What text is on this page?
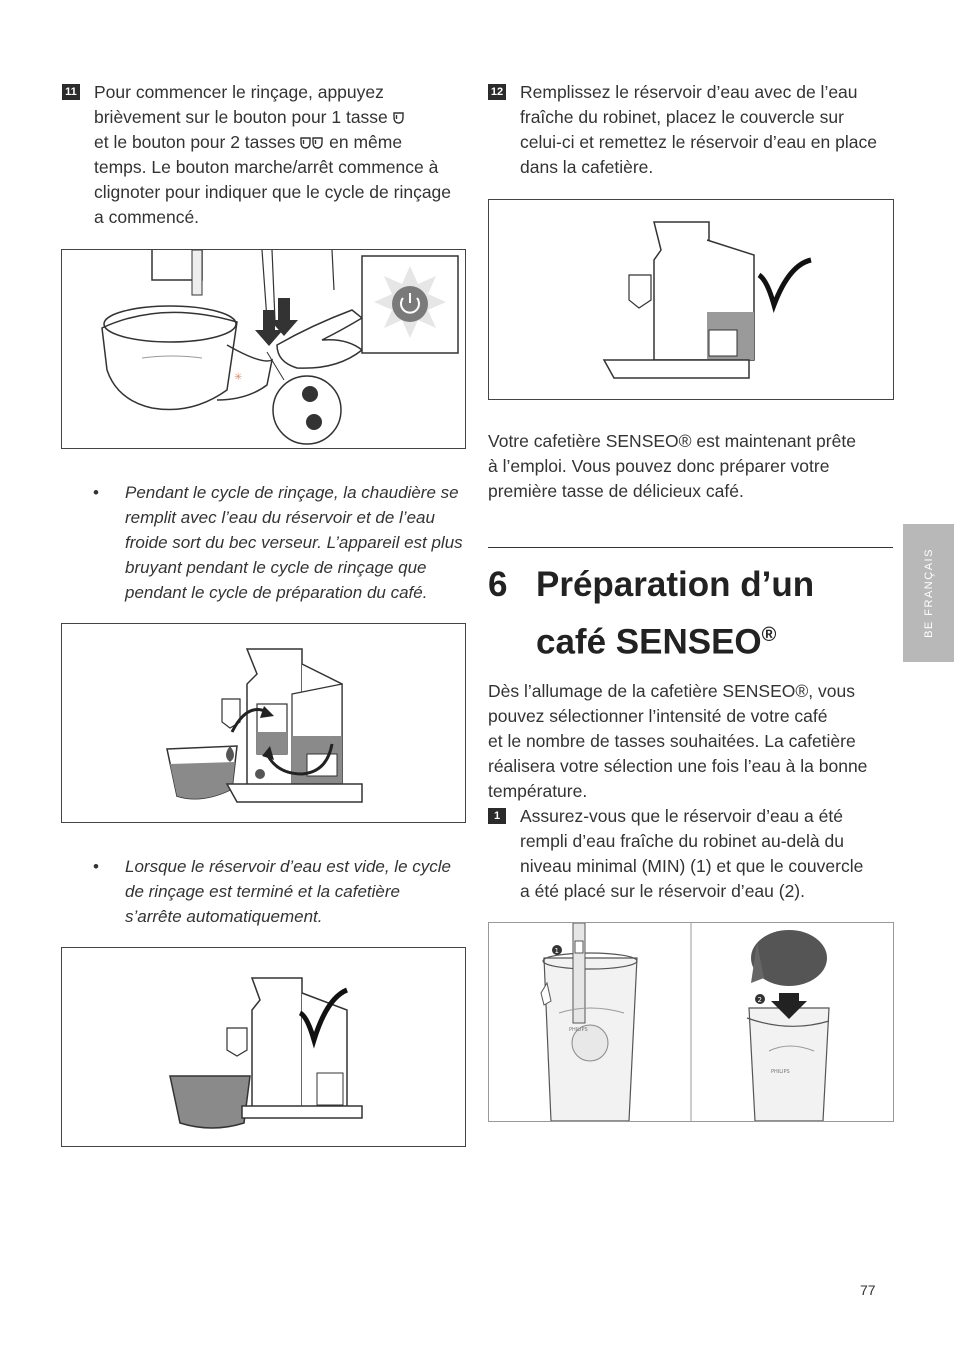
11 Pour commencer le rinçage, appuyez

brièvement sur le bouton pour 1 tasse

et le bouton pour 2 tasses en même

temps. Le bouton marche/arrêt commence à

clignoter pour indiquer que le cycle de rinçage

a commencé.

✳
• Pendant le cycle de rinçage, la chaudière se
remplit avec l’eau du réservoir et de l’eau
froide sort du bec verseur. L’appareil est plus
bruyant pendant le cycle de rinçage que
pendant le cycle de préparation du café.
• Lorsque le réservoir d’eau est vide, le cycle
de rinçage est terminé et la cafetière
s’arrête automatiquement.
12 Remplissez le réservoir d’eau avec de l’eau

fraîche du robinet, placez le couvercle sur

celui-ci et remettez le réservoir d’eau en place

dans la cafetière.

Votre cafetière SENSEO® est maintenant prête

à l’emploi. Vous pouvez donc préparer votre

première tasse de délicieux café.

6 Préparation d’un
café SENSEO®

Dès l’allumage de la cafetière SENSEO®, vous

pouvez sélectionner l’intensité de votre café

et le nombre de tasses souhaitées. La cafetière

réalisera votre sélection une fois l’eau à la bonne

température.

1	Assurez-vous que le réservoir d’eau a été

rempli d’eau fraîche du robinet au-delà du

niveau minimal (MIN) (1) et que le couvercle

a été placé sur le réservoir d’eau (2).

PHILIPS
1
PHILIPS
2
BE FRANÇAIS
77
